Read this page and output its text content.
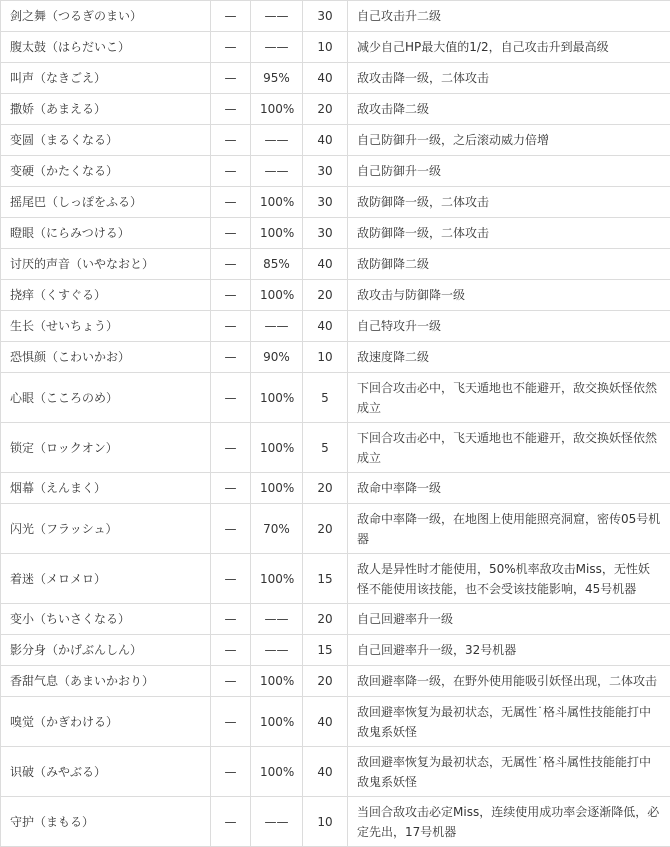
剑之舞（つるぎのまい）	—	——	30	自己攻击升二级
腹太鼓（はらだいこ）	—	——	10	减少自己HP最大值的1/2，自己攻击升到最高级
叫声（なきごえ）	—	95%	40	敌攻击降一级，二体攻击
撒娇（あまえる）	—	100%	20	敌攻击降二级
变圆（まるくなる）	—	——	40	自己防御升一级，之后滚动威力倍增
变硬（かたくなる）	—	——	30	自己防御升一级
摇尾巴（しっぽをふる）	—	100%	30	敌防御降一级，二体攻击
瞪眼（にらみつける）	—	100%	30	敌防御降一级，二体攻击
讨厌的声音（いやなおと）	—	85%	40	敌防御降二级
挠痒（くすぐる）	—	100%	20	敌攻击与防御降一级
生长（せいちょう）	—	——	40	自己特攻升一级
恐惧颜（こわいかお）	—	90%	10	敌速度降二级
心眼（こころのめ）	—	100%	5	下回合攻击必中，飞天遁地也不能避开，敌交换妖怪依然成立
锁定（ロックオン）	—	100%	5	下回合攻击必中，飞天遁地也不能避开，敌交换妖怪依然成立
烟幕（えんまく）	—	100%	20	敌命中率降一级
闪光（フラッシュ）	—	70%	20	敌命中率降一级，在地图上使用能照亮洞窟，密传05号机器
着迷（メロメロ）	—	100%	15	敌人是异性时才能使用，50%机率敌攻击Miss，无性妖怪不能使用该技能，也不会受该技能影响，45号机器
变小（ちいさくなる）	—	——	20	自己回避率升一级
影分身（かげぶんしん）	—	——	15	自己回避率升一级，32号机器
香甜气息（あまいかおり）	—	100%	20	敌回避率降一级，在野外使用能吸引妖怪出现，二体攻击
嗅觉（かぎわける）	—	100%	40	敌回避率恢复为最初状态，无属性˙格斗属性技能能打中敌鬼系妖怪
识破（みやぶる）	—	100%	40	敌回避率恢复为最初状态，无属性˙格斗属性技能能打中敌鬼系妖怪
守护（まもる）	—	——	10	当回合敌攻击必定Miss，连续使用成功率会逐渐降低，必定先出，17号机器
